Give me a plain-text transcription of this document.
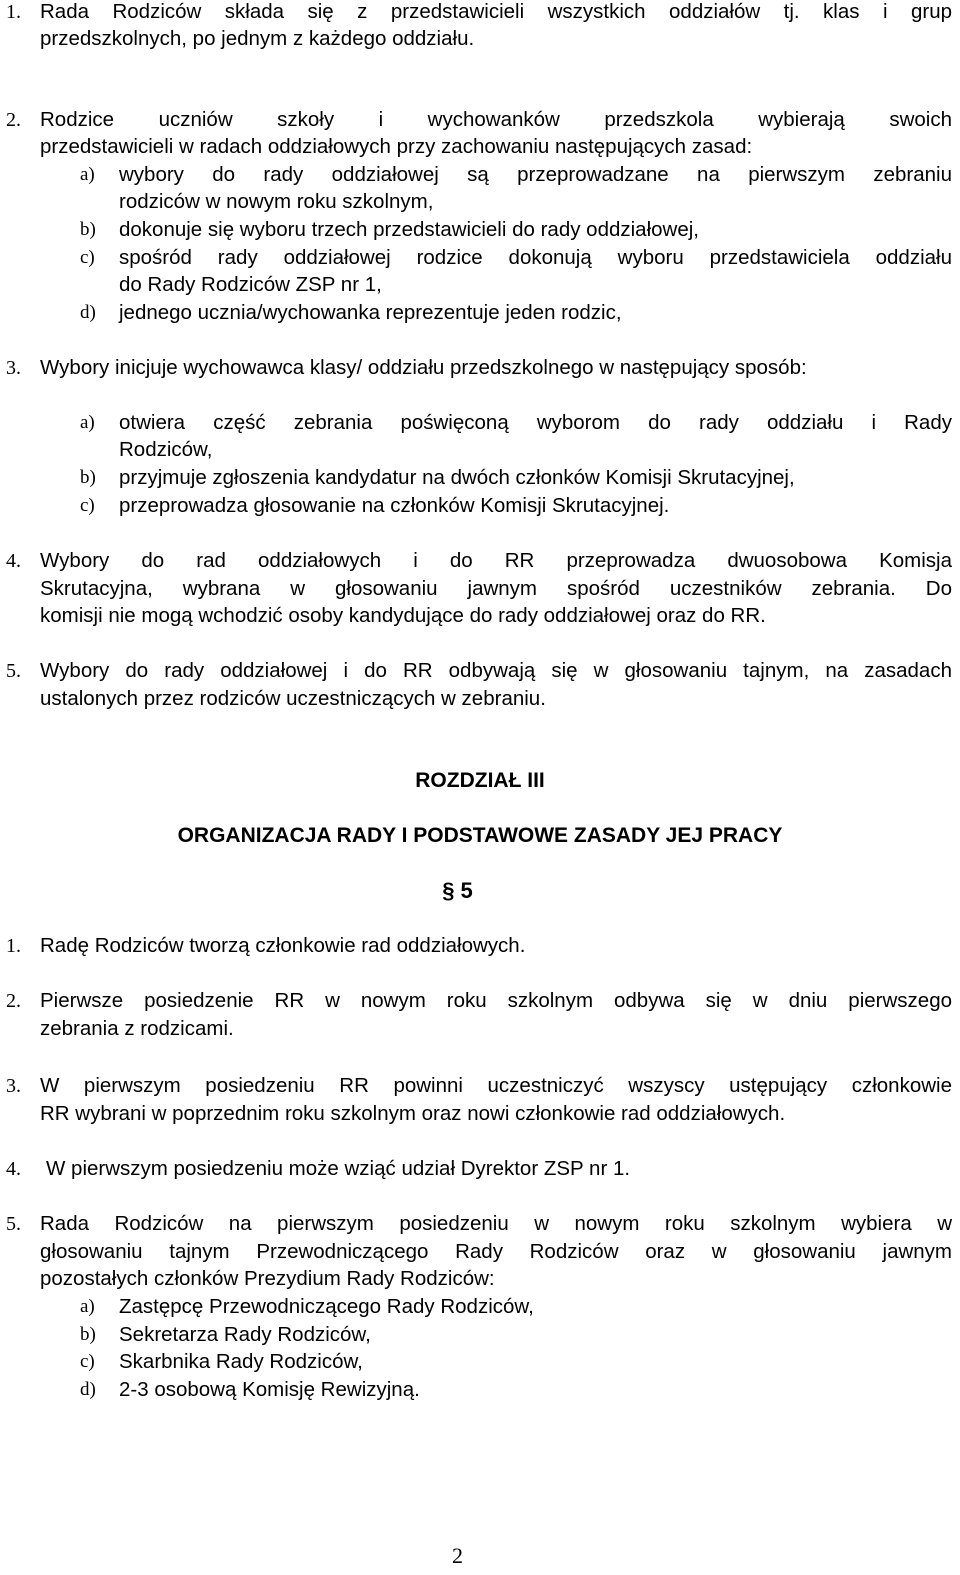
1. Rada Rodziców składa się z przedstawicieli wszystkich oddziałów tj. klas i grup
przedszkolnych, po jednym z każdego oddziału.
2. Rodzice uczniów szkoły i wychowanków przedszkola wybierają swoich
przedstawicieli w radach oddziałowych przy zachowaniu następujących zasad:
a) wybory do rady oddziałowej są przeprowadzane na pierwszym zebraniu
rodziców w nowym roku szkolnym,
b) dokonuje się wyboru trzech przedstawicieli do rady oddziałowej,
c) spośród rady oddziałowej rodzice dokonują wyboru przedstawiciela oddziału
do Rady Rodziców ZSP nr 1,
d) jednego ucznia/wychowanka reprezentuje jeden rodzic,
3. Wybory inicjuje wychowawca klasy/ oddziału przedszkolnego w następujący sposób:
a) otwiera część zebrania poświęconą wyborom do rady oddziału i Rady
Rodziców,
b) przyjmuje zgłoszenia kandydatur na dwóch członków Komisji Skrutacyjnej,
c) przeprowadza głosowanie na członków Komisji Skrutacyjnej.
4. Wybory do rad oddziałowych i do RR przeprowadza dwuosobowa Komisja
Skrutacyjna, wybrana w głosowaniu jawnym spośród uczestników zebrania. Do
komisji nie mogą wchodzić osoby kandydujące do rady oddziałowej oraz do RR.
5. Wybory do rady oddziałowej i do RR odbywają się w głosowaniu tajnym, na zasadach
ustalonych przez rodziców uczestniczących w zebraniu.
ROZDZIAŁ III
ORGANIZACJA RADY I PODSTAWOWE ZASADY JEJ PRACY
§ 5
1. Radę Rodziców tworzą członkowie rad oddziałowych.
2. Pierwsze posiedzenie RR w nowym roku szkolnym odbywa się w dniu pierwszego
zebrania z rodzicami.
3. W pierwszym posiedzeniu RR powinni uczestniczyć wszyscy ustępujący członkowie
RR wybrani w poprzednim roku szkolnym oraz nowi członkowie rad oddziałowych.
4. W pierwszym posiedzeniu może wziąć udział Dyrektor ZSP nr 1.
5. Rada Rodziców na pierwszym posiedzeniu w nowym roku szkolnym wybiera w
głosowaniu tajnym Przewodniczącego Rady Rodziców oraz w głosowaniu jawnym
pozostałych członków Prezydium Rady Rodziców:
a) Zastępcę Przewodniczącego Rady Rodziców,
b) Sekretarza Rady Rodziców,
c) Skarbnika Rady Rodziców,
d) 2-3 osobową Komisję Rewizyjną.
2
